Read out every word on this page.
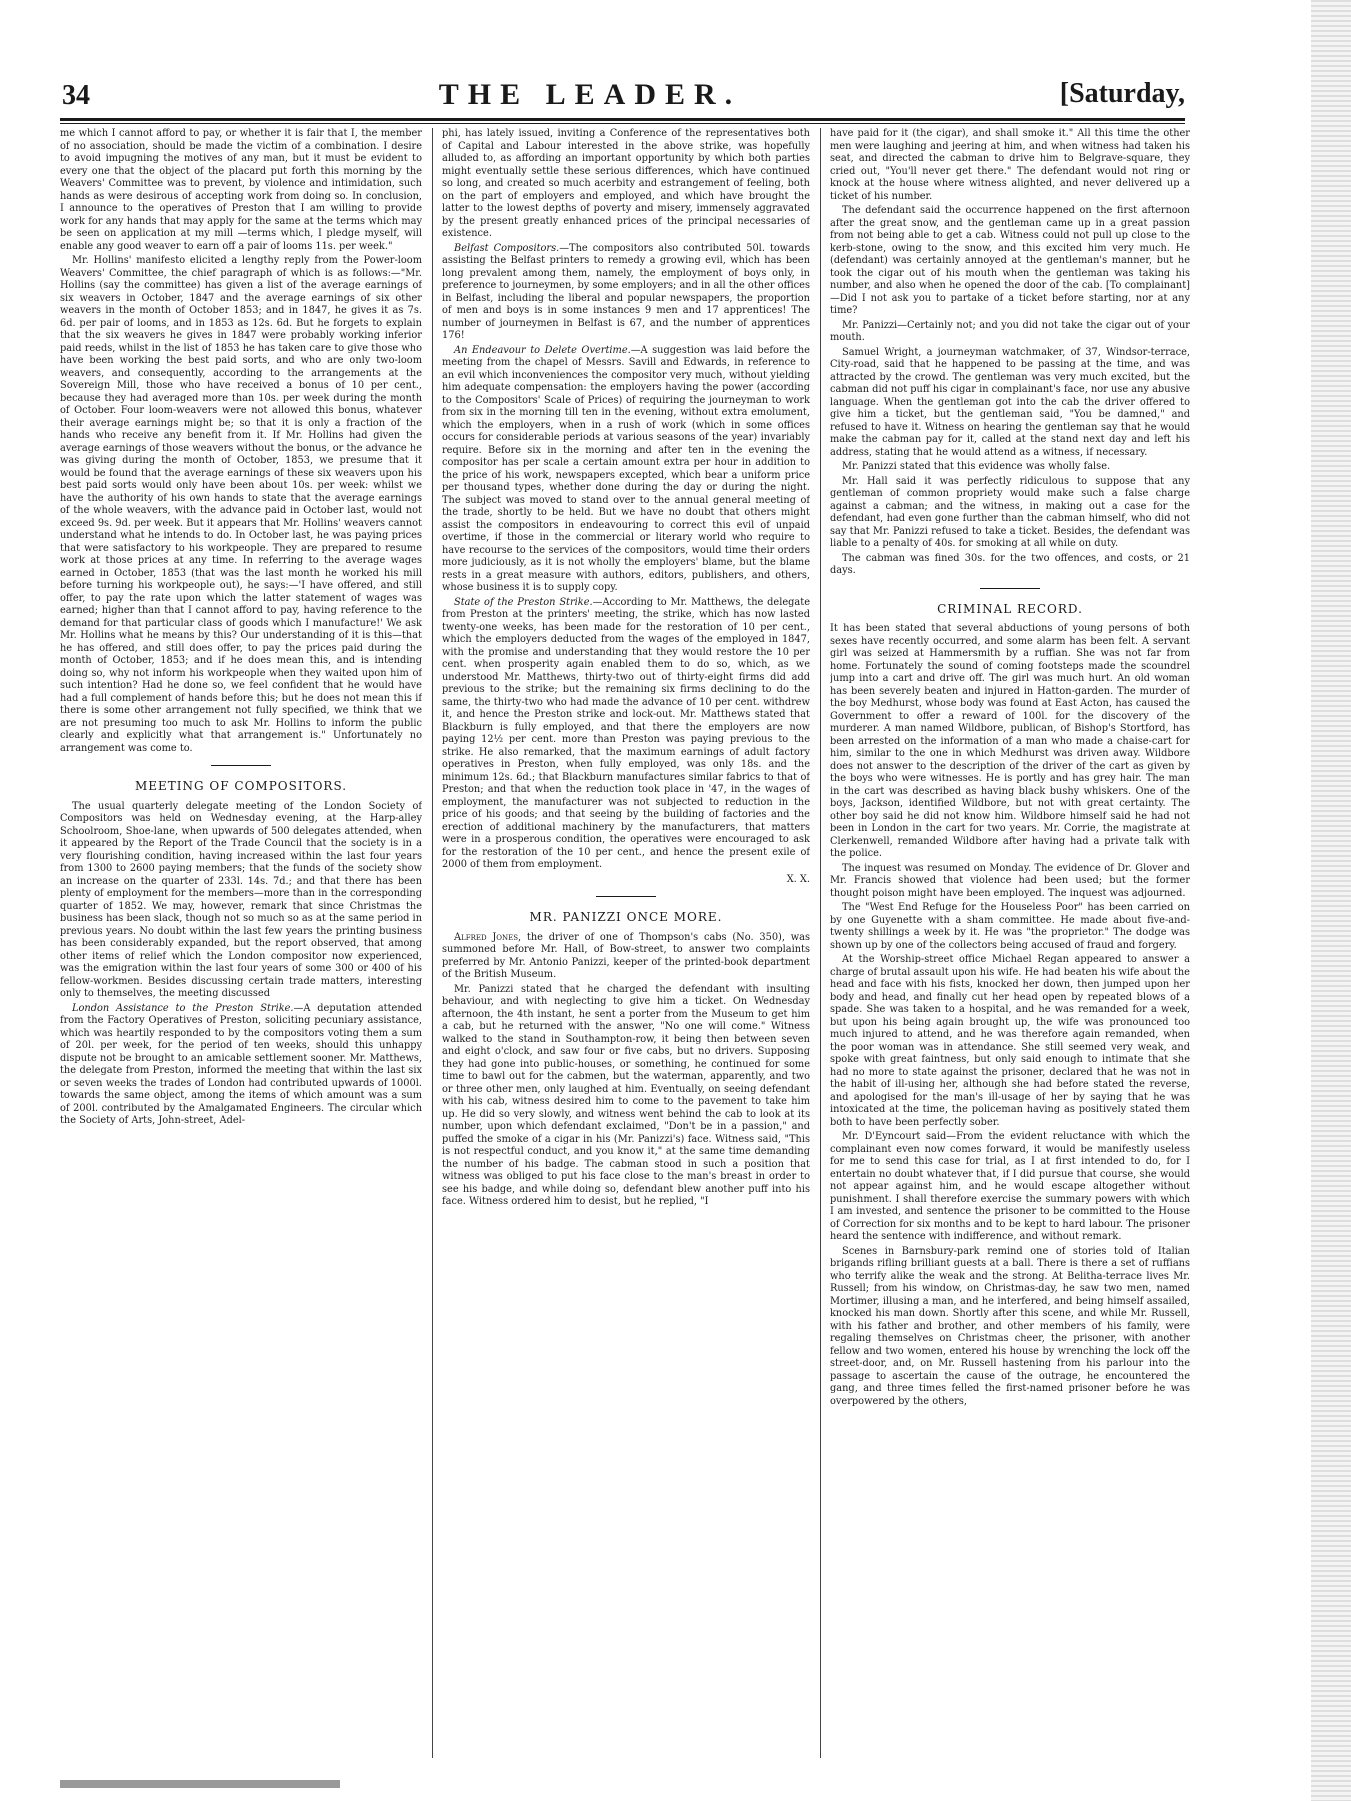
34	THE LEADER.	[Saturday,

me which I cannot afford to pay, or whether it is fair that I, the member of no association, should be made the victim of a combination. I desire to avoid impugning the motives of any man, but it must be evident to every one that the object of the placard put forth this morning by the Weavers' Committee was to prevent, by violence and intimidation, such hands as were desirous of accepting work from doing so. In conclusion, I announce to the operatives of Preston that I am willing to provide work for any hands that may apply for the same at the terms which may be seen on application at my mill —terms which, I pledge myself, will enable any good weaver to earn off a pair of looms 11s. per week."

Mr. Hollins' manifesto elicited a lengthy reply from the Power-loom Weavers' Committee, the chief paragraph of which is as follows:—"Mr. Hollins (say the committee) has given a list of the average earnings of six weavers in October, 1847 and the average earnings of six other weavers in the month of October 1853; and in 1847, he gives it as 7s. 6d. per pair of looms, and in 1853 as 12s. 6d. But he forgets to explain that the six weavers he gives in 1847 were probably working inferior paid reeds, whilst in the list of 1853 he has taken care to give those who have been working the best paid sorts, and who are only two-loom weavers, and consequently, according to the arrangements at the Sovereign Mill, those who have received a bonus of 10 per cent., because they had averaged more than 10s. per week during the month of October. Four loom-weavers were not allowed this bonus, whatever their average earnings might be; so that it is only a fraction of the hands who receive any benefit from it. If Mr. Hollins had given the average earnings of those weavers without the bonus, or the advance he was giving during the month of October, 1853, we presume that it would be found that the average earnings of these six weavers upon his best paid sorts would only have been about 10s. per week: whilst we have the authority of his own hands to state that the average earnings of the whole weavers, with the advance paid in October last, would not exceed 9s. 9d. per week. But it appears that Mr. Hollins' weavers cannot understand what he intends to do. In October last, he was paying prices that were satisfactory to his workpeople. They are prepared to resume work at those prices at any time. In referring to the average wages earned in October, 1853 (that was the last month he worked his mill before turning his workpeople out), he says:—'I have offered, and still offer, to pay the rate upon which the latter statement of wages was earned; higher than that I cannot afford to pay, having reference to the demand for that particular class of goods which I manufacture!' We ask Mr. Hollins what he means by this? Our understanding of it is this—that he has offered, and still does offer, to pay the prices paid during the month of October, 1853; and if he does mean this, and is intending doing so, why not inform his workpeople when they waited upon him of such intention? Had he done so, we feel confident that he would have had a full complement of hands before this; but he does not mean this if there is some other arrangement not fully specified, we think that we are not presuming too much to ask Mr. Hollins to inform the public clearly and explicitly what that arrangement is." Unfortunately no arrangement was come to.

MEETING OF COMPOSITORS.

The usual quarterly delegate meeting of the London Society of Compositors was held on Wednesday evening, at the Harp-alley Schoolroom, Shoe-lane, when upwards of 500 delegates attended, when it appeared by the Report of the Trade Council that the society is in a very flourishing condition, having increased within the last four years from 1300 to 2600 paying members; that the funds of the society show an increase on the quarter of 233l. 14s. 7d.; and that there has been plenty of employment for the members—more than in the corresponding quarter of 1852. We may, however, remark that since Christmas the business has been slack, though not so much so as at the same period in previous years. No doubt within the last few years the printing business has been considerably expanded, but the report observed, that among other items of relief which the London compositor now experienced, was the emigration within the last four years of some 300 or 400 of his fellow-workmen. Besides discussing certain trade matters, interesting only to themselves, the meeting discussed

London Assistance to the Preston Strike.—A deputation attended from the Factory Operatives of Preston, soliciting pecuniary assistance, which was heartily responded to by the compositors voting them a sum of 20l. per week, for the period of ten weeks, should this unhappy dispute not be brought to an amicable settlement sooner. Mr. Matthews, the delegate from Preston, informed the meeting that within the last six or seven weeks the trades of London had contributed upwards of 1000l. towards the same object, among the items of which amount was a sum of 200l. contributed by the Amalgamated Engineers. The circular which the Society of Arts, John-street, Adel-

phi, has lately issued, inviting a Conference of the representatives both of Capital and Labour interested in the above strike, was hopefully alluded to, as affording an important opportunity by which both parties might eventually settle these serious differences, which have continued so long, and created so much acerbity and estrangement of feeling, both on the part of employers and employed, and which have brought the latter to the lowest depths of poverty and misery, immensely aggravated by the present greatly enhanced prices of the principal necessaries of existence.

Belfast Compositors.—The compositors also contributed 50l. towards assisting the Belfast printers to remedy a growing evil, which has been long prevalent among them, namely, the employment of boys only, in preference to journeymen, by some employers; and in all the other offices in Belfast, including the liberal and popular newspapers, the proportion of men and boys is in some instances 9 men and 17 apprentices! The number of journeymen in Belfast is 67, and the number of apprentices 176!

An Endeavour to Delete Overtime.—A suggestion was laid before the meeting from the chapel of Messrs. Savill and Edwards, in reference to an evil which inconveniences the compositor very much, without yielding him adequate compensation: the employers having the power (according to the Compositors' Scale of Prices) of requiring the journeyman to work from six in the morning till ten in the evening, without extra emolument, which the employers, when in a rush of work (which in some offices occurs for considerable periods at various seasons of the year) invariably require. Before six in the morning and after ten in the evening the compositor has per scale a certain amount extra per hour in addition to the price of his work, newspapers excepted, which bear a uniform price per thousand types, whether done during the day or during the night. The subject was moved to stand over to the annual general meeting of the trade, shortly to be held. But we have no doubt that others might assist the compositors in endeavouring to correct this evil of unpaid overtime, if those in the commercial or literary world who require to have recourse to the services of the compositors, would time their orders more judiciously, as it is not wholly the employers' blame, but the blame rests in a great measure with authors, editors, publishers, and others, whose business it is to supply copy.

State of the Preston Strike.—According to Mr. Matthews, the delegate from Preston at the printers' meeting, the strike, which has now lasted twenty-one weeks, has been made for the restoration of 10 per cent., which the employers deducted from the wages of the employed in 1847, with the promise and understanding that they would restore the 10 per cent. when prosperity again enabled them to do so, which, as we understood Mr. Matthews, thirty-two out of thirty-eight firms did add previous to the strike; but the remaining six firms declining to do the same, the thirty-two who had made the advance of 10 per cent. withdrew it, and hence the Preston strike and lock-out. Mr. Matthews stated that Blackburn is fully employed, and that there the employers are now paying 12½ per cent. more than Preston was paying previous to the strike. He also remarked, that the maximum earnings of adult factory operatives in Preston, when fully employed, was only 18s. and the minimum 12s. 6d.; that Blackburn manufactures similar fabrics to that of Preston; and that when the reduction took place in '47, in the wages of employment, the manufacturer was not subjected to reduction in the price of his goods; and that seeing by the building of factories and the erection of additional machinery by the manufacturers, that matters were in a prosperous condition, the operatives were encouraged to ask for the restoration of the 10 per cent., and hence the present exile of 2000 of them from employment.

X. X.
MR. PANIZZI ONCE MORE.

Alfred Jones, the driver of one of Thompson's cabs (No. 350), was summoned before Mr. Hall, of Bow-street, to answer two complaints preferred by Mr. Antonio Panizzi, keeper of the printed-book department of the British Museum.

Mr. Panizzi stated that he charged the defendant with insulting behaviour, and with neglecting to give him a ticket. On Wednesday afternoon, the 4th instant, he sent a porter from the Museum to get him a cab, but he returned with the answer, "No one will come." Witness walked to the stand in Southampton-row, it being then between seven and eight o'clock, and saw four or five cabs, but no drivers. Supposing they had gone into public-houses, or something, he continued for some time to bawl out for the cabmen, but the waterman, apparently, and two or three other men, only laughed at him. Eventually, on seeing defendant with his cab, witness desired him to come to the pavement to take him up. He did so very slowly, and witness went behind the cab to look at its number, upon which defendant exclaimed, "Don't be in a passion," and puffed the smoke of a cigar in his (Mr. Panizzi's) face. Witness said, "This is not respectful conduct, and you know it," at the same time demanding the number of his badge. The cabman stood in such a position that witness was obliged to put his face close to the man's breast in order to see his badge, and while doing so, defendant blew another puff into his face. Witness ordered him to desist, but he replied, "I

have paid for it (the cigar), and shall smoke it." All this time the other men were laughing and jeering at him, and when witness had taken his seat, and directed the cabman to drive him to Belgrave-square, they cried out, "You'll never get there." The defendant would not ring or knock at the house where witness alighted, and never delivered up a ticket of his number.

The defendant said the occurrence happened on the first afternoon after the great snow, and the gentleman came up in a great passion from not being able to get a cab. Witness could not pull up close to the kerb-stone, owing to the snow, and this excited him very much. He (defendant) was certainly annoyed at the gentleman's manner, but he took the cigar out of his mouth when the gentleman was taking his number, and also when he opened the door of the cab. [To complainant]—Did I not ask you to partake of a ticket before starting, nor at any time?

Mr. Panizzi—Certainly not; and you did not take the cigar out of your mouth.

Samuel Wright, a journeyman watchmaker, of 37, Windsor-terrace, City-road, said that he happened to be passing at the time, and was attracted by the crowd. The gentleman was very much excited, but the cabman did not puff his cigar in complainant's face, nor use any abusive language. When the gentleman got into the cab the driver offered to give him a ticket, but the gentleman said, "You be damned," and refused to have it. Witness on hearing the gentleman say that he would make the cabman pay for it, called at the stand next day and left his address, stating that he would attend as a witness, if necessary.

Mr. Panizzi stated that this evidence was wholly false.

Mr. Hall said it was perfectly ridiculous to suppose that any gentleman of common propriety would make such a false charge against a cabman; and the witness, in making out a case for the defendant, had even gone further than the cabman himself, who did not say that Mr. Panizzi refused to take a ticket. Besides, the defendant was liable to a penalty of 40s. for smoking at all while on duty.

The cabman was fined 30s. for the two offences, and costs, or 21 days.

CRIMINAL RECORD.

It has been stated that several abductions of young persons of both sexes have recently occurred, and some alarm has been felt. A servant girl was seized at Hammersmith by a ruffian. She was not far from home. Fortunately the sound of coming footsteps made the scoundrel jump into a cart and drive off. The girl was much hurt. An old woman has been severely beaten and injured in Hatton-garden. The murder of the boy Medhurst, whose body was found at East Acton, has caused the Government to offer a reward of 100l. for the discovery of the murderer. A man named Wildbore, publican, of Bishop's Stortford, has been arrested on the information of a man who made a chaise-cart for him, similar to the one in which Medhurst was driven away. Wildbore does not answer to the description of the driver of the cart as given by the boys who were witnesses. He is portly and has grey hair. The man in the cart was described as having black bushy whiskers. One of the boys, Jackson, identified Wildbore, but not with great certainty. The other boy said he did not know him. Wildbore himself said he had not been in London in the cart for two years. Mr. Corrie, the magistrate at Clerkenwell, remanded Wildbore after having had a private talk with the police.

The inquest was resumed on Monday. The evidence of Dr. Glover and Mr. Francis showed that violence had been used; but the former thought poison might have been employed. The inquest was adjourned.

The "West End Refuge for the Houseless Poor" has been carried on by one Guyenette with a sham committee. He made about five-and-twenty shillings a week by it. He was "the proprietor." The dodge was shown up by one of the collectors being accused of fraud and forgery.

At the Worship-street office Michael Regan appeared to answer a charge of brutal assault upon his wife. He had beaten his wife about the head and face with his fists, knocked her down, then jumped upon her body and head, and finally cut her head open by repeated blows of a spade. She was taken to a hospital, and he was remanded for a week, but upon his being again brought up, the wife was pronounced too much injured to attend, and he was therefore again remanded, when the poor woman was in attendance. She still seemed very weak, and spoke with great faintness, but only said enough to intimate that she had no more to state against the prisoner, declared that he was not in the habit of ill-using her, although she had before stated the reverse, and apologised for the man's ill-usage of her by saying that he was intoxicated at the time, the policeman having as positively stated them both to have been perfectly sober.

Mr. D'Eyncourt said—From the evident reluctance with which the complainant even now comes forward, it would be manifestly useless for me to send this case for trial, as I at first intended to do, for I entertain no doubt whatever that, if I did pursue that course, she would not appear against him, and he would escape altogether without punishment. I shall therefore exercise the summary powers with which I am invested, and sentence the prisoner to be committed to the House of Correction for six months and to be kept to hard labour. The prisoner heard the sentence with indifference, and without remark.

Scenes in Barnsbury-park remind one of stories told of Italian brigands rifling brilliant guests at a ball. There is there a set of ruffians who terrify alike the weak and the strong. At Belitha-terrace lives Mr. Russell; from his window, on Christmas-day, he saw two men, named Mortimer, illusing a man, and he interfered, and being himself assailed, knocked his man down. Shortly after this scene, and while Mr. Russell, with his father and brother, and other members of his family, were regaling themselves on Christmas cheer, the prisoner, with another fellow and two women, entered his house by wrenching the lock off the street-door, and, on Mr. Russell hastening from his parlour into the passage to ascertain the cause of the outrage, he encountered the gang, and three times felled the first-named prisoner before he was overpowered by the others,
